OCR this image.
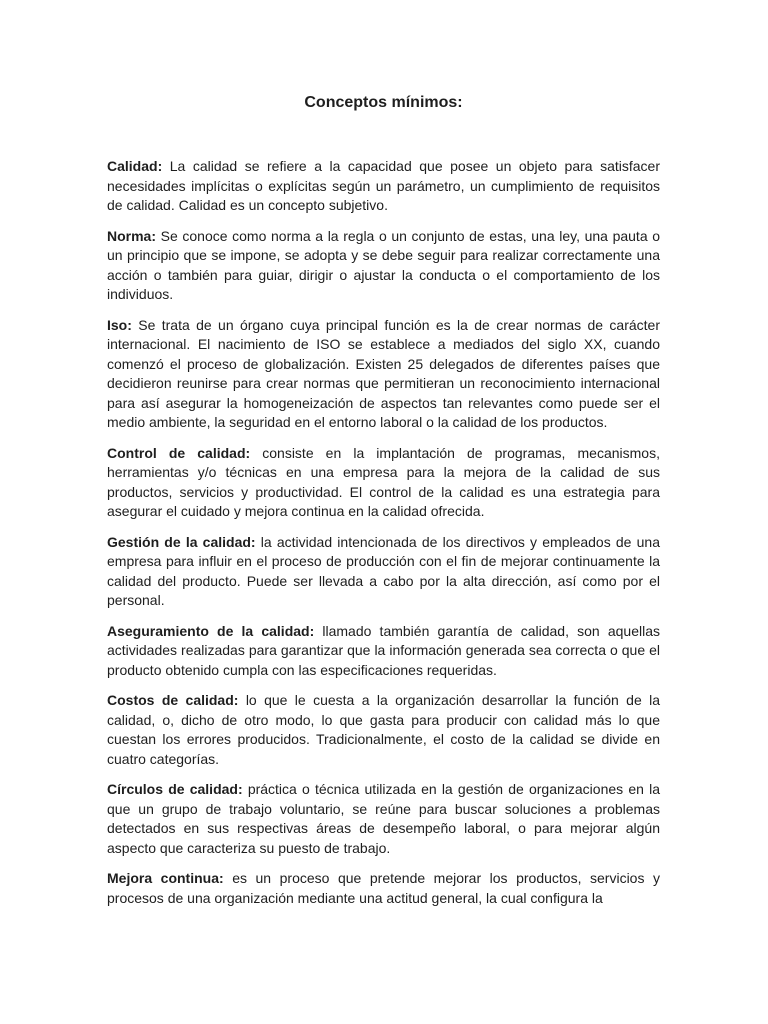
Conceptos mínimos:

Calidad: La calidad se refiere a la capacidad que posee un objeto para satisfacer necesidades implícitas o explícitas según un parámetro, un cumplimiento de requisitos de calidad. Calidad es un concepto subjetivo.

Norma: Se conoce como norma a la regla o un conjunto de estas, una ley, una pauta o un principio que se impone, se adopta y se debe seguir para realizar correctamente una acción o también para guiar, dirigir o ajustar la conducta o el comportamiento de los individuos.

Iso: Se trata de un órgano cuya principal función es la de crear normas de carácter internacional. El nacimiento de ISO se establece a mediados del siglo XX, cuando comenzó el proceso de globalización. Existen 25 delegados de diferentes países que decidieron reunirse para crear normas que permitieran un reconocimiento internacional para así asegurar la homogeneización de aspectos tan relevantes como puede ser el medio ambiente, la seguridad en el entorno laboral o la calidad de los productos.

Control de calidad: consiste en la implantación de programas, mecanismos, herramientas y/o técnicas en una empresa para la mejora de la calidad de sus productos, servicios y productividad. El control de la calidad es una estrategia para asegurar el cuidado y mejora continua en la calidad ofrecida.

Gestión de la calidad: la actividad intencionada de los directivos y empleados de una empresa para influir en el proceso de producción con el fin de mejorar continuamente la calidad del producto. Puede ser llevada a cabo por la alta dirección, así como por el personal.

Aseguramiento de la calidad: llamado también garantía de calidad, son aquellas actividades realizadas para garantizar que la información generada sea correcta o que el producto obtenido cumpla con las especificaciones requeridas.

Costos de calidad: lo que le cuesta a la organización desarrollar la función de la calidad, o, dicho de otro modo, lo que gasta para producir con calidad más lo que cuestan los errores producidos. Tradicionalmente, el costo de la calidad se divide en cuatro categorías.

Círculos de calidad: práctica o técnica utilizada en la gestión de organizaciones en la que un grupo de trabajo voluntario, se reúne para buscar soluciones a problemas detectados en sus respectivas áreas de desempeño laboral, o para mejorar algún aspecto que caracteriza su puesto de trabajo.

Mejora continua: es un proceso que pretende mejorar los productos, servicios y procesos de una organización mediante una actitud general, la cual configura la
